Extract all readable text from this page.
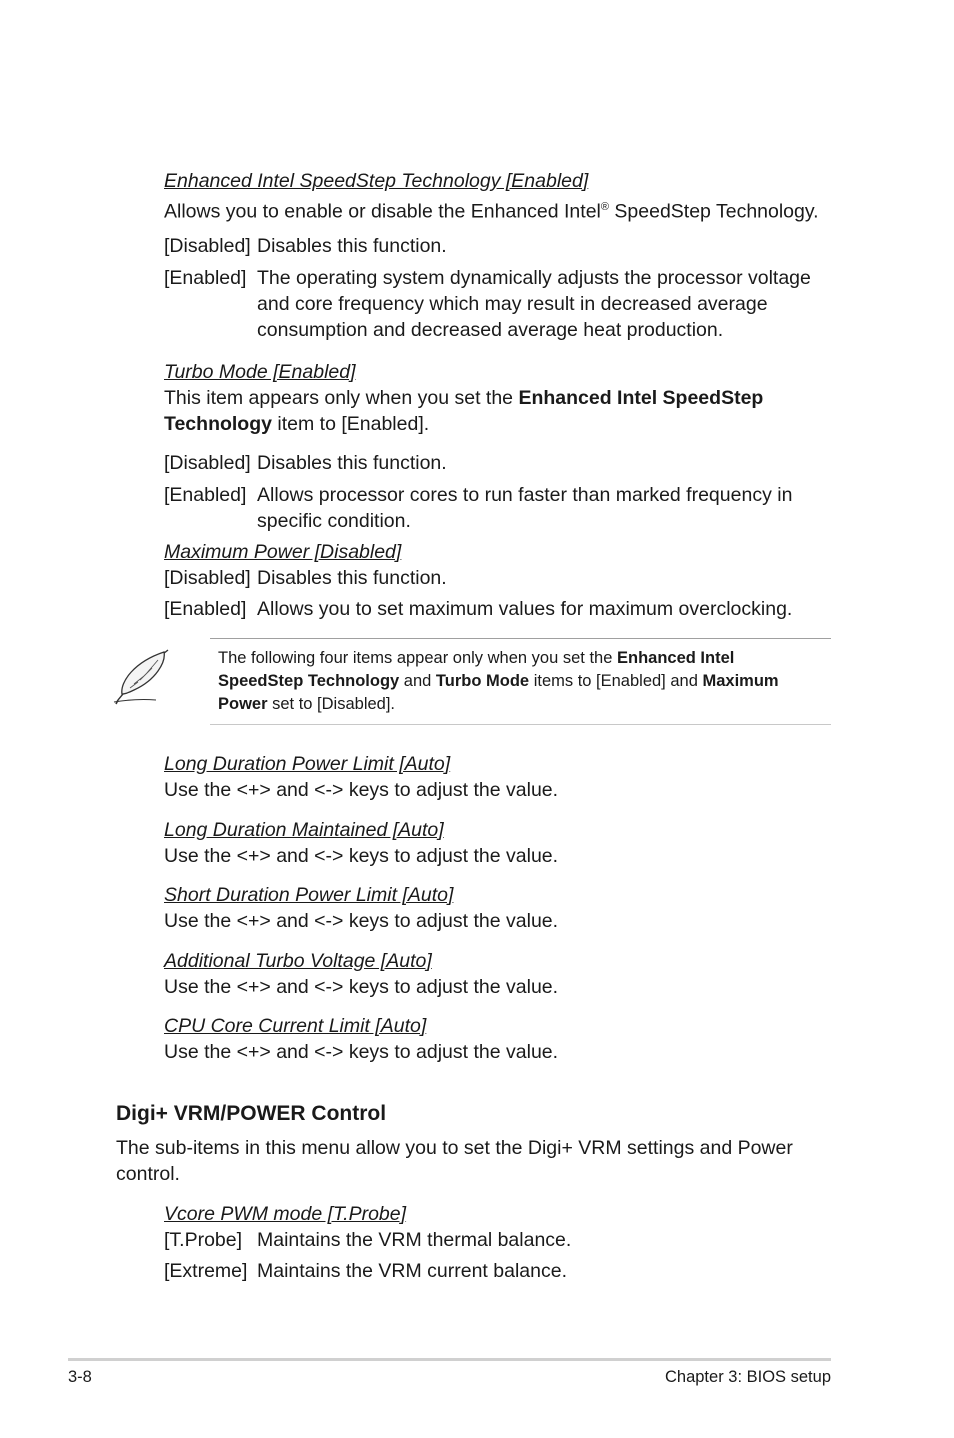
Enhanced Intel SpeedStep Technology [Enabled]
Allows you to enable or disable the Enhanced Intel® SpeedStep Technology.
[Disabled] Disables this function.
[Enabled] The operating system dynamically adjusts the processor voltage and core frequency which may result in decreased average consumption and decreased average heat production.
Turbo Mode [Enabled]
This item appears only when you set the Enhanced Intel SpeedStep Technology item to [Enabled].
[Disabled] Disables this function.
[Enabled] Allows processor cores to run faster than marked frequency in specific condition.
Maximum Power [Disabled]
[Disabled] Disables this function.
[Enabled] Allows you to set maximum values for maximum overclocking.
The following four items appear only when you set the Enhanced Intel SpeedStep Technology and Turbo Mode items to [Enabled] and Maximum Power set to [Disabled].
Long Duration Power Limit [Auto]
Use the <+> and <-> keys to adjust the value.
Long Duration Maintained [Auto]
Use the <+> and <-> keys to adjust the value.
Short Duration Power Limit [Auto]
Use the <+> and <-> keys to adjust the value.
Additional Turbo Voltage [Auto]
Use the <+> and <-> keys to adjust the value.
CPU Core Current Limit [Auto]
Use the <+> and <-> keys to adjust the value.
Digi+ VRM/POWER Control
The sub-items in this menu allow you to set the Digi+ VRM settings and Power control.
Vcore PWM mode [T.Probe]
[T.Probe] Maintains the VRM thermal balance.
[Extreme] Maintains the VRM current balance.
3-8	Chapter 3: BIOS setup
